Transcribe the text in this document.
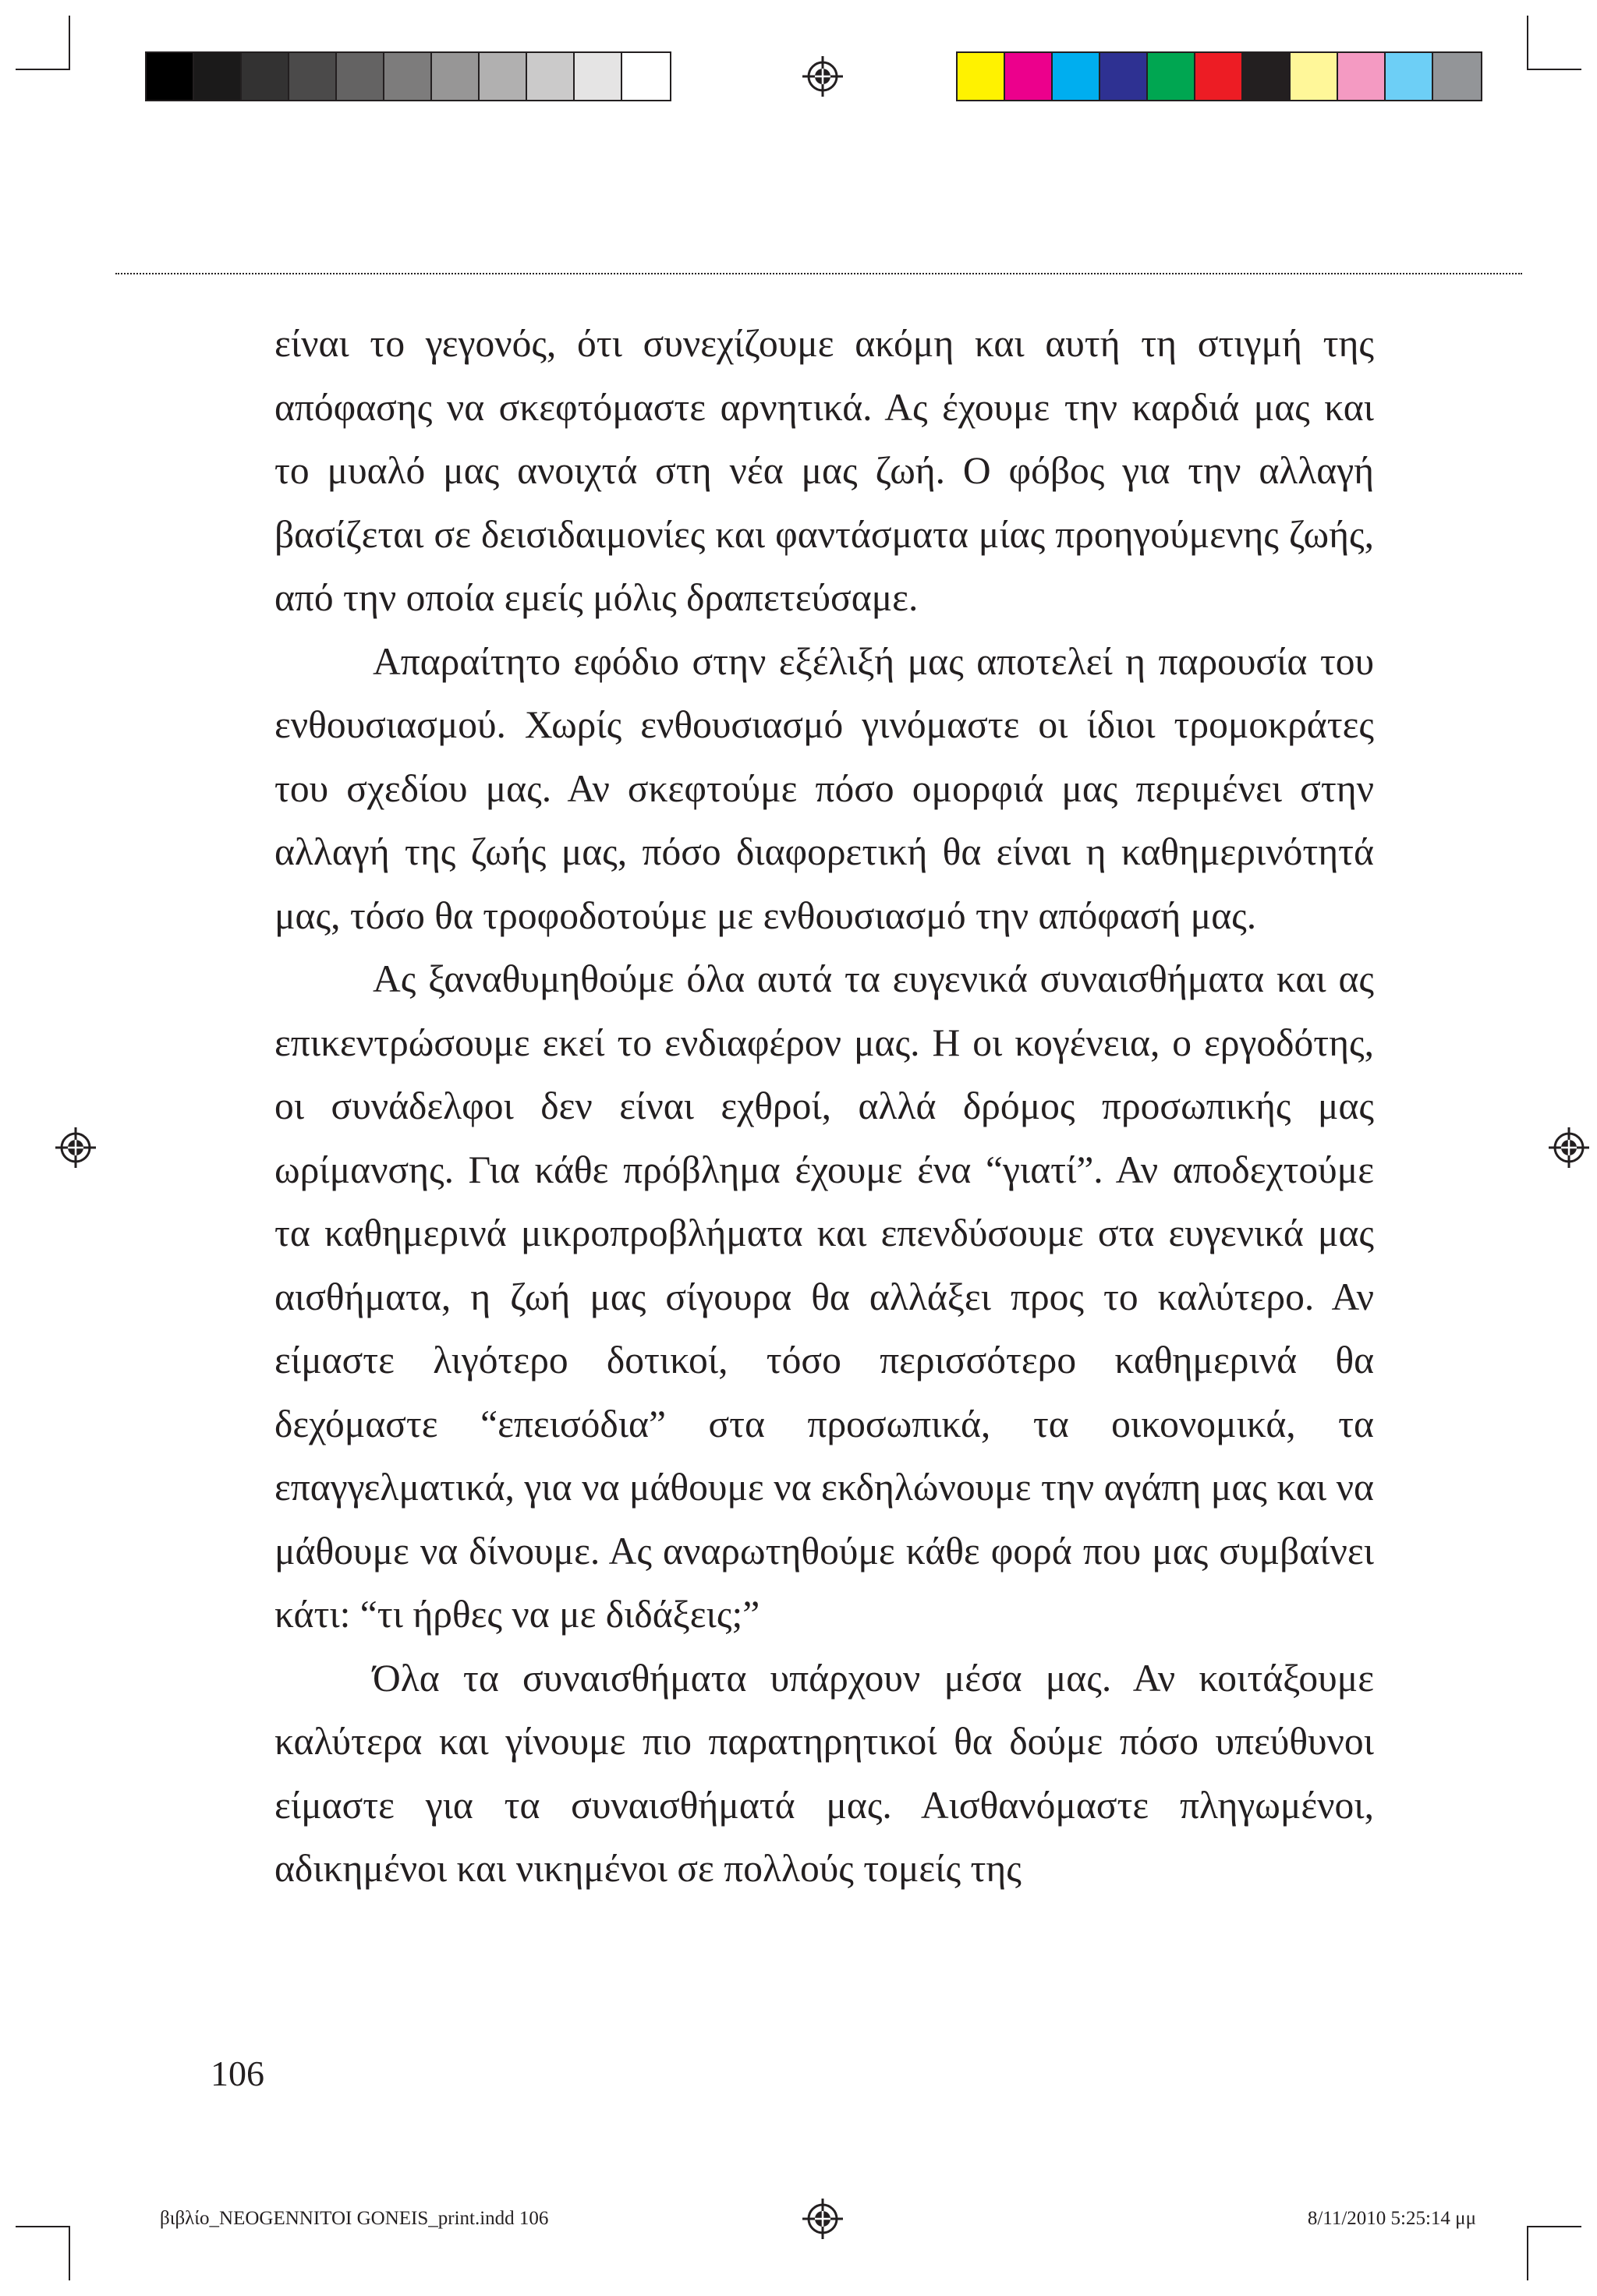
είναι το γεγονός, ότι συνεχίζουμε ακόμη και αυτή τη στιγμή της απόφασης να σκεφτόμαστε αρνητικά. Ας έχουμε την καρδιά μας και το μυαλό μας ανοιχτά στη νέα μας ζωή. Ο φόβος για την αλλαγή βασίζεται σε δεισιδαιμονίες και φαντάσματα μίας προηγούμενης ζωής, από την οποία εμείς μόλις δραπετεύσαμε.

Απαραίτητο εφόδιο στην εξέλιξή μας αποτελεί η παρουσία του ενθουσιασμού. Χωρίς ενθουσιασμό γινόμαστε οι ίδιοι τρομοκράτες του σχεδίου μας. Αν σκεφτούμε πόσο ομορφιά μας περιμένει στην αλλαγή της ζωής μας, πόσο διαφορετική θα είναι η καθημερινότητά μας, τόσο θα τροφοδοτούμε με ενθουσιασμό την απόφασή μας.

Ας ξαναθυμηθούμε όλα αυτά τα ευγενικά συναισθήματα και ας επικεντρώσουμε εκεί το ενδιαφέρον μας. Η οι κογένεια, ο εργοδότης, οι συνάδελφοι δεν είναι εχθροί, αλλά δρόμος προσωπικής μας ωρίμανσης. Για κάθε πρόβλημα έχουμε ένα “γιατί”. Αν αποδεχτούμε τα καθημερινά μικροπροβλήματα και επενδύσουμε στα ευγενικά μας αισθήματα, η ζωή μας σίγουρα θα αλλάξει προς το καλύτερο. Αν είμαστε λιγότερο δοτικοί, τόσο περισσότερο καθημερινά θα δεχόμαστε “επεισόδια” στα προσωπικά, τα οικονομικά, τα επαγγελματικά, για να μάθουμε να εκδηλώνουμε την αγάπη μας και να μάθουμε να δίνουμε. Ας αναρωτηθούμε κάθε φορά που μας συμβαίνει κάτι: “τι ήρθες να με διδάξεις;”

Όλα τα συναισθήματα υπάρχουν μέσα μας. Αν κοιτάξουμε καλύτερα και γίνουμε πιο παρατηρητικοί θα δούμε πόσο υπεύθυνοι είμαστε για τα συναισθήματά μας. Αισθανόμαστε πληγωμένοι, αδικημένοι και νικημένοι σε πολλούς τομείς της

106
βιβλίο_NEOGENNITOI GONEIS_print.indd 106	8/11/2010 5:25:14 μμ
